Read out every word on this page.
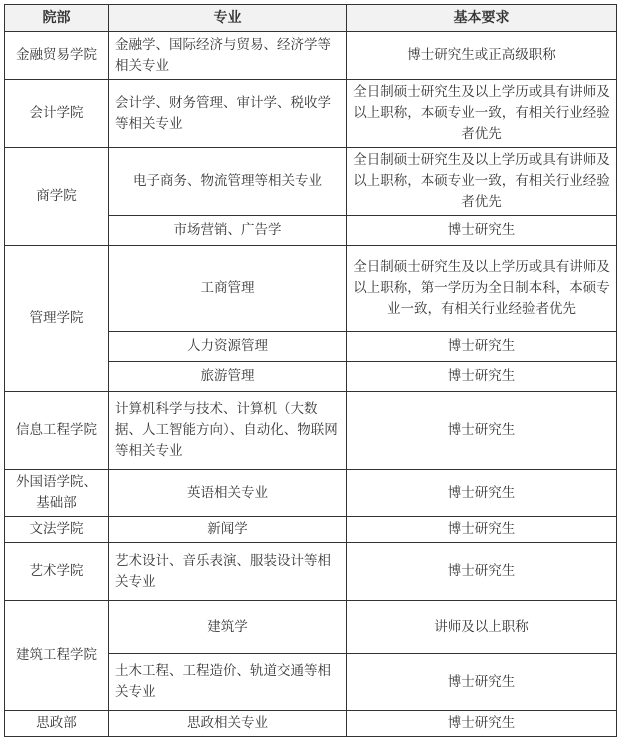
院部	专业	基本要求
金融贸易学院	金融学、国际经济与贸易、经济学等相关专业	博士研究生或正高级职称
会计学院	会计学、财务管理、审计学、税收学等相关专业	全日制硕士研究生及以上学历或具有讲师及以上职称，本硕专业一致，有相关行业经验者优先
商学院	电子商务、物流管理等相关专业	全日制硕士研究生及以上学历或具有讲师及以上职称，本硕专业一致，有相关行业经验者优先
	市场营销、广告学	博士研究生
管理学院	工商管理	全日制硕士研究生及以上学历或具有讲师及以上职称，第一学历为全日制本科，本硕专业一致，有相关行业经验者优先
	人力资源管理	博士研究生
	旅游管理	博士研究生
信息工程学院	计算机科学与技术、计算机（大数据、人工智能方向）、自动化、物联网等相关专业	博士研究生
外国语学院、基础部	英语相关专业	博士研究生
文法学院	新闻学	博士研究生
艺术学院	艺术设计、音乐表演、服装设计等相关专业	博士研究生
建筑工程学院	建筑学	讲师及以上职称
	土木工程、工程造价、轨道交通等相关专业	博士研究生
思政部	思政相关专业	博士研究生
